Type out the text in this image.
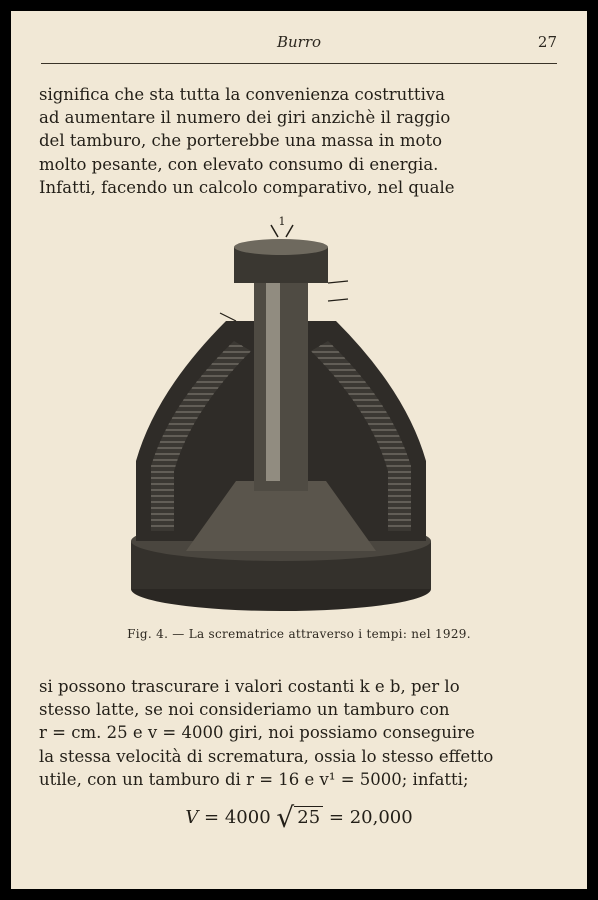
Burro	27

significa che sta tutta la convenienza costruttiva

ad aumentare il numero dei giri anzichè il raggio

del tamburo, che porterebbe una massa in moto

molto pesante, con elevato consumo di energia.

Infatti, facendo un calcolo comparativo, nel quale

1
Fig. 4. — La scrematrice attraverso i tempi: nel 1929.

si possono trascurare i valori costanti k e b, per lo

stesso latte, se noi consideriamo un tamburo con

r = cm. 25 e v = 4000 giri, noi possiamo conseguire

la stessa velocità di scrematura, ossia lo stesso effetto

utile, con un tamburo di r = 16 e v¹ = 5000; infatti;

V = 4000 √ 25 = 20,000
